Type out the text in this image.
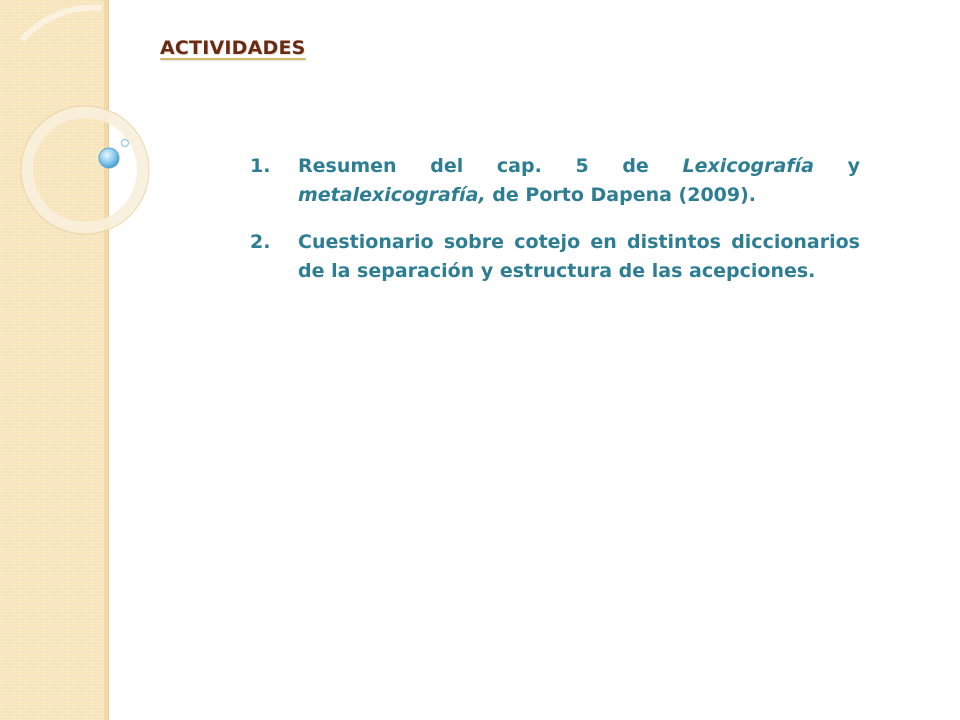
ACTIVIDADES
1. Resumen del cap. 5 de Lexicografía y metalexicografía, de Porto Dapena (2009).
2. Cuestionario sobre cotejo en distintos diccionarios de la separación y estructura de las acepciones.
